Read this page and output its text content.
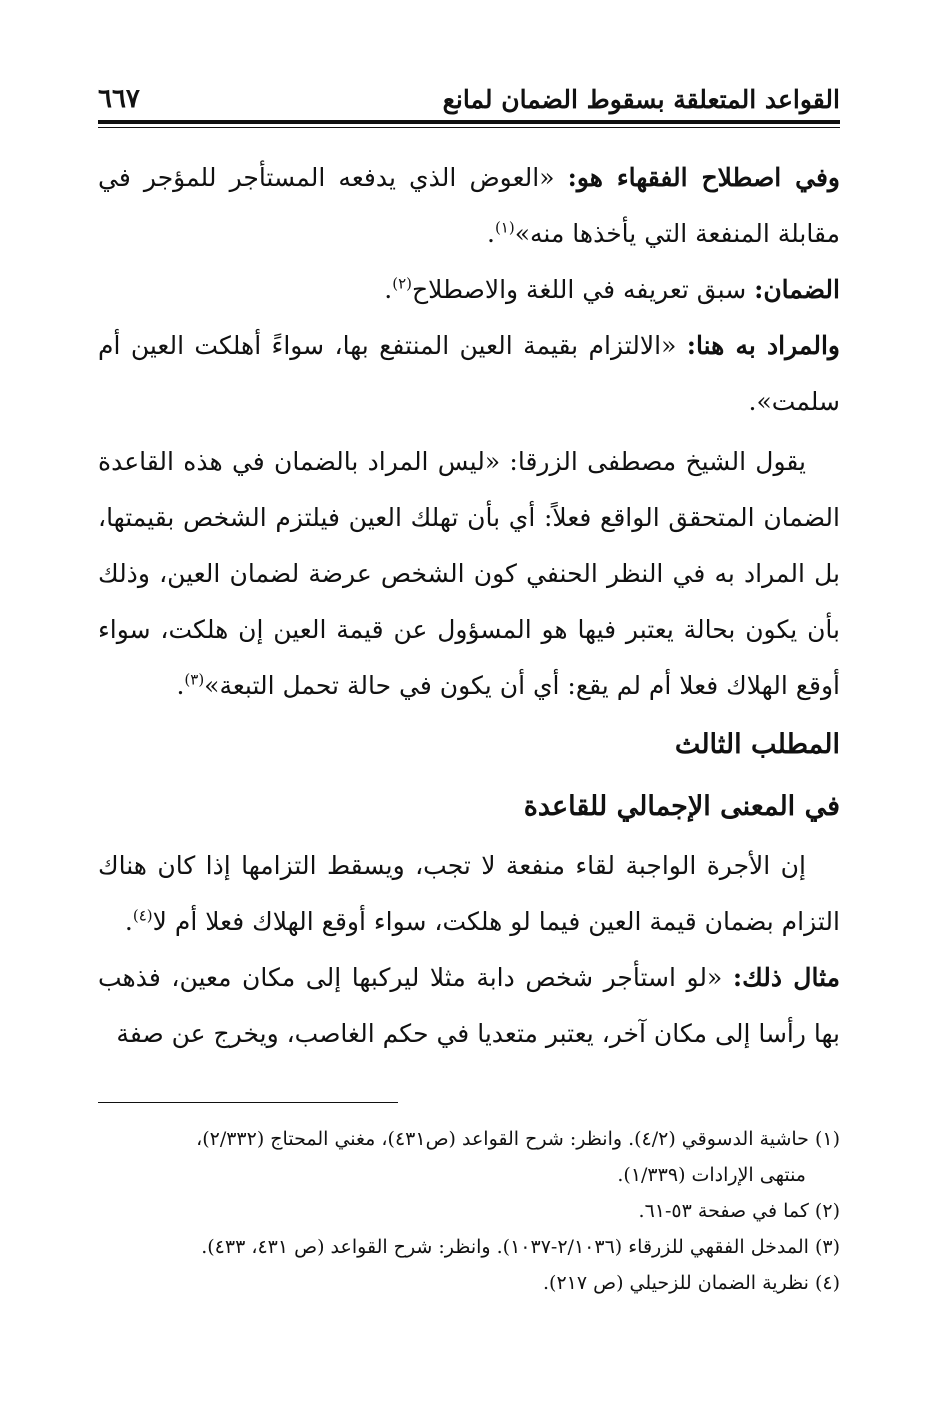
القواعد المتعلقة بسقوط الضمان لمانع
٦٦٧

وفي اصطلاح الفقهاء هو: «العوض الذي يدفعه المستأجر للمؤجر في مقابلة المنفعة التي يأخذها منه»$^{(١)}$.

الضمان: سبق تعريفه في اللغة والاصطلاح$^{(٢)}$.

والمراد به هنا: «الالتزام بقيمة العين المنتفع بها، سواءً أهلكت العين أم سلمت».

يقول الشيخ مصطفى الزرقا: «ليس المراد بالضمان في هذه القاعدة الضمان المتحقق الواقع فعلاً: أي بأن تهلك العين فيلتزم الشخص بقيمتها، بل المراد به في النظر الحنفي كون الشخص عرضة لضمان العين، وذلك بأن يكون بحالة يعتبر فيها هو المسؤول عن قيمة العين إن هلكت، سواء أوقع الهلاك فعلا أم لم يقع: أي أن يكون في حالة تحمل التبعة»$^{(٣)}$.

المطلب الثالث
في المعنى الإجمالي للقاعدة

إن الأجرة الواجبة لقاء منفعة لا تجب، ويسقط التزامها إذا كان هناك التزام بضمان قيمة العين فيما لو هلكت، سواء أوقع الهلاك فعلا أم لا$^{(٤)}$.

مثال ذلك: «لو استأجر شخص دابة مثلا ليركبها إلى مكان معين، فذهب بها رأسا إلى مكان آخر، يعتبر متعديا في حكم الغاصب، ويخرج عن صفة

(١) حاشية الدسوقي (٤/٢). وانظر: شرح القواعد (ص٤٣١)، مغني المحتاج (٢/٣٣٢)،

منتهى الإرادات (١/٣٣٩).

(٢) كما في صفحة ٥٣-٦١.

(٣) المدخل الفقهي للزرقاء (٢/١٠٣٦-١٠٣٧). وانظر: شرح القواعد (ص ٤٣١، ٤٣٣).

(٤) نظرية الضمان للزحيلي (ص ٢١٧).
